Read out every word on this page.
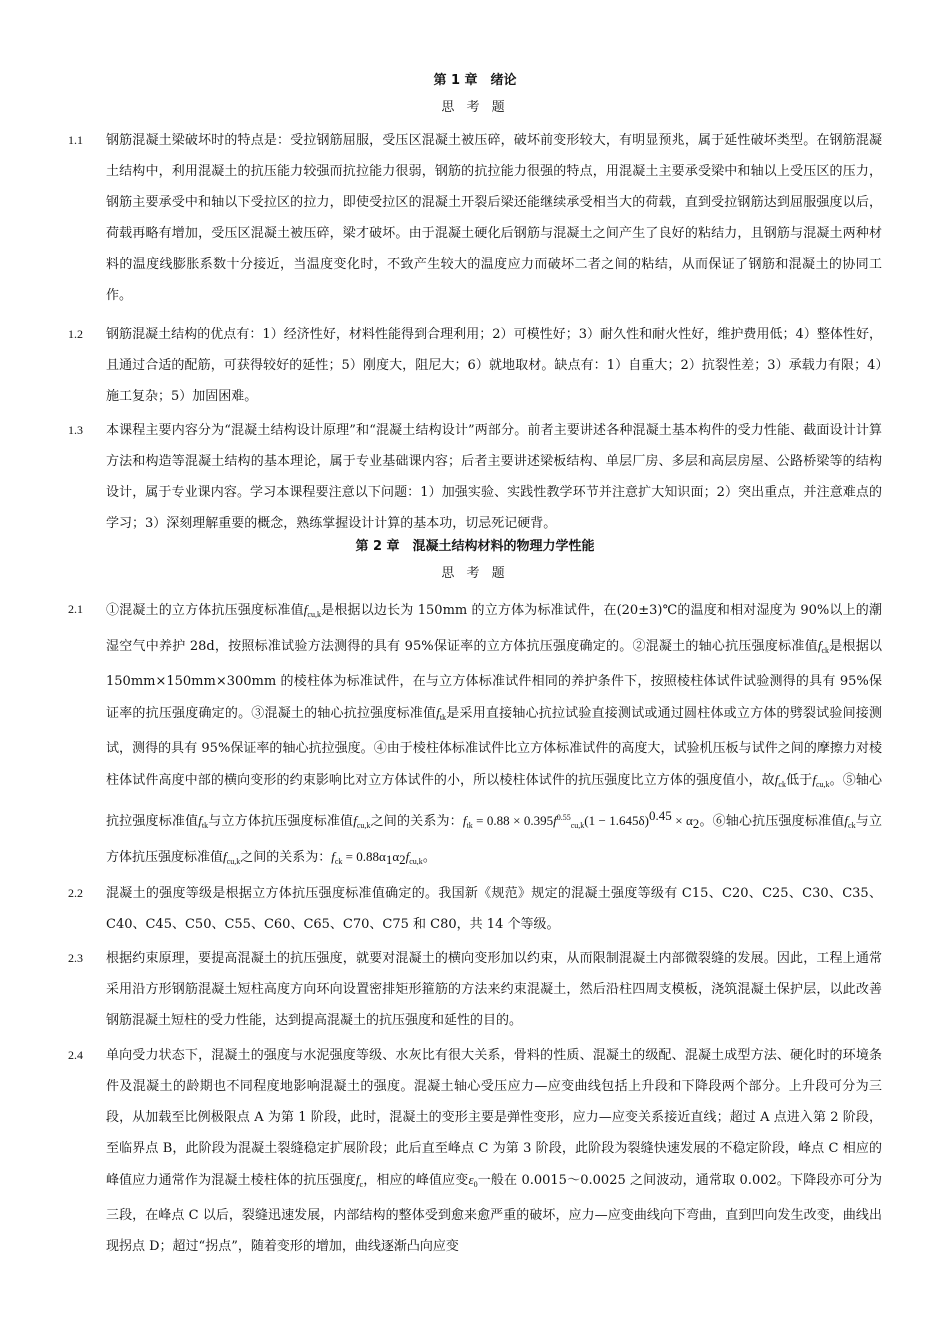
第 1 章　绪论
思 考 题
1.1 钢筋混凝土梁破坏时的特点是：受拉钢筋屈服，受压区混凝土被压碎，破坏前变形较大，有明显预兆，属于延性破坏类型。在钢筋混凝土结构中，利用混凝土的抗压能力较强而抗拉能力很弱，钢筋的抗拉能力很强的特点，用混凝土主要承受梁中和轴以上受压区的压力，钢筋主要承受中和轴以下受拉区的拉力，即使受拉区的混凝土开裂后梁还能继续承受相当大的荷载，直到受拉钢筋达到屈服强度以后，荷载再略有增加，受压区混凝土被压碎，梁才破坏。由于混凝土硬化后钢筋与混凝土之间产生了良好的粘结力，且钢筋与混凝土两种材料的温度线膨胀系数十分接近，当温度变化时，不致产生较大的温度应力而破坏二者之间的粘结，从而保证了钢筋和混凝土的协同工作。

1.2 钢筋混凝土结构的优点有：1）经济性好，材料性能得到合理利用；2）可模性好；3）耐久性和耐火性好，维护费用低；4）整体性好，且通过合适的配筋，可获得较好的延性；5）刚度大，阻尼大；6）就地取材。缺点有：1）自重大；2）抗裂性差；3）承载力有限；4）施工复杂；5）加固困难。

1.3 本课程主要内容分为“混凝土结构设计原理”和“混凝土结构设计”两部分。前者主要讲述各种混凝土基本构件的受力性能、截面设计计算方法和构造等混凝土结构的基本理论，属于专业基础课内容；后者主要讲述梁板结构、单层厂房、多层和高层房屋、公路桥梁等的结构设计，属于专业课内容。学习本课程要注意以下问题：1）加强实验、实践性教学环节并注意扩大知识面；2）突出重点，并注意难点的学习；3）深刻理解重要的概念，熟练掌握设计计算的基本功，切忌死记硬背。

第 2 章　混凝土结构材料的物理力学性能
思 考 题
2.1 ①混凝土的立方体抗压强度标准值$f_{cu,k}$是根据以边长为 150mm 的立方体为标准试件，在(20±3)℃的温度和相对湿度为 90%以上的潮湿空气中养护 28d，按照标准试验方法测得的具有 95%保证率的立方体抗压强度确定的。②混凝土的轴心抗压强度标准值$f_{ck}$是根据以 150mm×150mm×300mm 的棱柱体为标准试件，在与立方体标准试件相同的养护条件下，按照棱柱体试件试验测得的具有 95%保证率的抗压强度确定的。③混凝土的轴心抗拉强度标准值$f_{tk}$是采用直接轴心抗拉试验直接测试或通过圆柱体或立方体的劈裂试验间接测试，测得的具有 95%保证率的轴心抗拉强度。④由于棱柱体标准试件比立方体标准试件的高度大，试验机压板与试件之间的摩擦力对棱柱体试件高度中部的横向变形的约束影响比对立方体试件的小，所以棱柱体试件的抗压强度比立方体的强度值小，故$f_{ck}$低于$f_{cu,k}$。⑤轴心抗拉强度标准值$f_{tk}$与立方体抗压强度标准值$f_{cu,k}$之间的关系为：$f_{tk} = 0.88 \times 0.395f^{0.55}_{cu,k}(1 - 1.645\delta)^{0.45} \times \alpha_2$。⑥轴心抗压强度标准值$f_{ck}$与立方体抗压强度标准值$f_{cu,k}$之间的关系为：$f_{ck} = 0.88\alpha_1\alpha_2f_{cu,k}$。

2.2 混凝土的强度等级是根据立方体抗压强度标准值确定的。我国新《规范》规定的混凝土强度等级有 C15、C20、C25、C30、C35、C40、C45、C50、C55、C60、C65、C70、C75 和 C80，共 14 个等级。

2.3 根据约束原理，要提高混凝土的抗压强度，就要对混凝土的横向变形加以约束，从而限制混凝土内部微裂缝的发展。因此，工程上通常采用沿方形钢筋混凝土短柱高度方向环向设置密排矩形箍筋的方法来约束混凝土，然后沿柱四周支模板，浇筑混凝土保护层，以此改善钢筋混凝土短柱的受力性能，达到提高混凝土的抗压强度和延性的目的。

2.4 单向受力状态下，混凝土的强度与水泥强度等级、水灰比有很大关系，骨料的性质、混凝土的级配、混凝土成型方法、硬化时的环境条件及混凝土的龄期也不同程度地影响混凝土的强度。混凝土轴心受压应力—应变曲线包括上升段和下降段两个部分。上升段可分为三段，从加载至比例极限点 A 为第 1 阶段，此时，混凝土的变形主要是弹性变形，应力—应变关系接近直线；超过 A 点进入第 2 阶段，至临界点 B，此阶段为混凝土裂缝稳定扩展阶段；此后直至峰点 C 为第 3 阶段，此阶段为裂缝快速发展的不稳定阶段，峰点 C 相应的峰值应力通常作为混凝土棱柱体的抗压强度$f_c$，相应的峰值应变$\varepsilon_0$一般在 0.0015～0.0025 之间波动，通常取 0.002。下降段亦可分为三段，在峰点 C 以后，裂缝迅速发展，内部结构的整体受到愈来愈严重的破坏，应力—应变曲线向下弯曲，直到凹向发生改变，曲线出现拐点 D；超过“拐点”，随着变形的增加，曲线逐渐凸向应变
